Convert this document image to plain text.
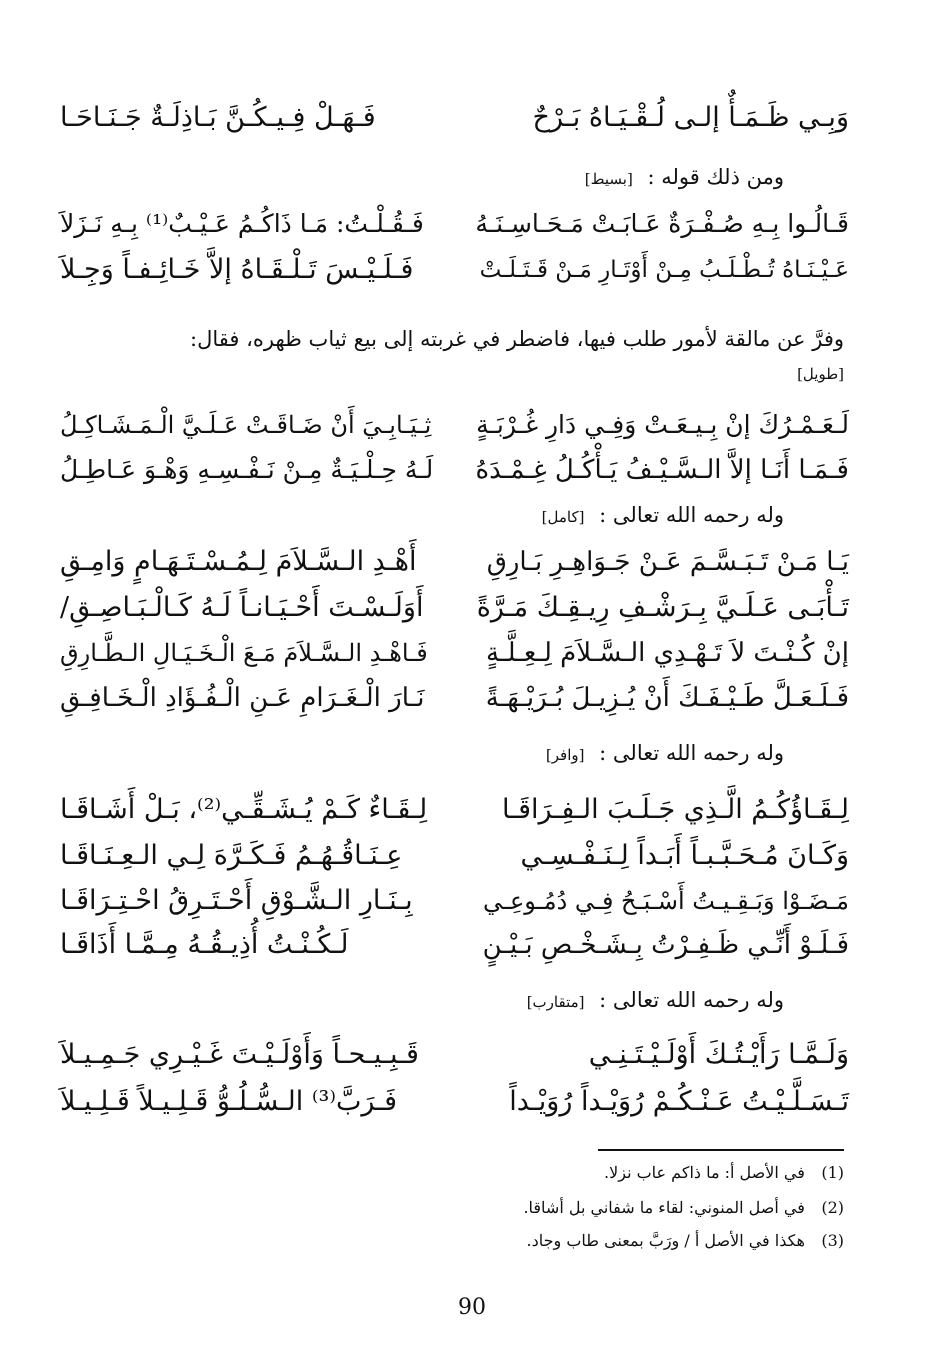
وَبِـي ظَـمَـأٌ إلـى لُـقْـيَـاهُ بَـرْحٌ
فَـهَـلْ فِـيـكُـنَّ بَـاذِلَـةٌ جَـنَـاحَـا
ومن ذلك قوله : [بسيط]
قَـالُـوا بِـهِ صُـفْـرَةٌ عَـابَـتْ مَـحَـاسِـنَـهُ
فَـقُـلْـتُ: مَـا ذَاكُـمُ عَـيْـبٌ⁽¹⁾ بِـهِ نَـزَلاَ
عَـيْـنَـاهُ تُـطْـلَـبُ مِـنْ أَوْتَـارِ مَـنْ قَـتَـلَـتْ
فَـلَـيْـسَ تَـلْـقَـاهُ إلاَّ خَـائِـفـاً وَجِـلاَ
وفرَّ عن مالقة لأمور طلب فيها، فاضطر في غربته إلى بيع ثياب ظهره، فقال:
[طويل]
لَـعَـمْـرُكَ إنْ بِـيـعَـتْ وَفِـي دَارِ غُـرْبَـةٍ
ثِـيَـابِـيَ أَنْ ضَـاقَـتْ عَـلَـيَّ الْـمَـشَـاكِـلُ
فَـمَـا أَنَـا إلاَّ الـسَّـيْـفُ يَـأْكُـلُ غِـمْـدَهُ
لَـهُ حِـلْـيَـةٌ مِـنْ نَـفْـسِـهِ وَهْـوَ عَـاطِـلُ
وله رحمه الله تعالى : [كامل]
يَـا مَـنْ تَـبَـسَّـمَ عَـنْ جَـوَاهِـرِ بَـارِقِ
أَهْـدِ الـسَّـلاَمَ لِـمُـسْـتَـهَـامٍ وَامِـقِ
تَـأْبَـى عَـلَـيَّ بِـرَشْـفِ رِيـقِـكَ مَـرَّةً
أَوَلَـسْـتَ أَحْـيَـانـاً لَـهُ كَـالْـبَـاصِـقِ/
إنْ كُـنْـتَ لاَ تَـهْـدِي الـسَّـلاَمَ لِـعِـلَّـةٍ
فَـاهْـدِ الـسَّـلاَمَ مَـعَ الْـخَـيَـالِ الـطَّـارِقِ
فَـلَـعَـلَّ طَـيْـفَـكَ أَنْ يُـزِيـلَ بُـرَيْـهَـةً
نَـارَ الْـغَـرَامِ عَـنِ الْـفُـؤَادِ الْـخَـافِـقِ
وله رحمه الله تعالى : [وافر]
لِـقَـاؤُكُـمُ الَّـذِي جَـلَـبَ الـفِـرَاقَـا
لِـقَـاءٌ كَـمْ يُـشَـقِّـي⁽²⁾، بَـلْ أَشَـاقَـا
وَكَـانَ مُـحَـبَّـبـاً أَبَـداً لِـنَـفْـسِـي
عِـنَـاقُـهُـمُ فَـكَـرَّهَ لِـي الـعِـنَـاقَـا
مَـضَـوْا وَبَـقِـيـتُ أَسْـبَـحُ فِـي دُمُـوعِـي
بِـنَـارِ الـشَّـوْقِ أَحْـتَـرِقُ احْـتِـرَاقَـا
فَـلَـوْ أَنِّـي ظَـفِـرْتُ بِـشَـخْـصِ بَـيْـنٍ
لَـكُـنْـتُ أُذِيـقُـهُ مِـمَّـا أَذَاقَـا
وله رحمه الله تعالى : [متقارب]
وَلَـمَّـا رَأَيْـتُـكَ أَوْلَـيْـتَـنِـي
قَـبِـيـحـاً وَأَوْلَـيْـتَ غَـيْـرِي جَـمِـيـلاَ
تَـسَـلَّـيْـتُ عَـنْـكُـمْ رُوَيْـداً رُوَيْـداً
فَـرَبَّ⁽³⁾ الـسُّـلُـوُّ قَـلِـيـلاً قَـلِـيـلاَ
(1) في الأصل أ: ما ذاكم عاب نزلا.
(2) في أصل المنوني: لقاء ما شفاني بل أشاقا.
(3) هكذا في الأصل أ / ورَبَّ بمعنى طاب وجاد.
90
